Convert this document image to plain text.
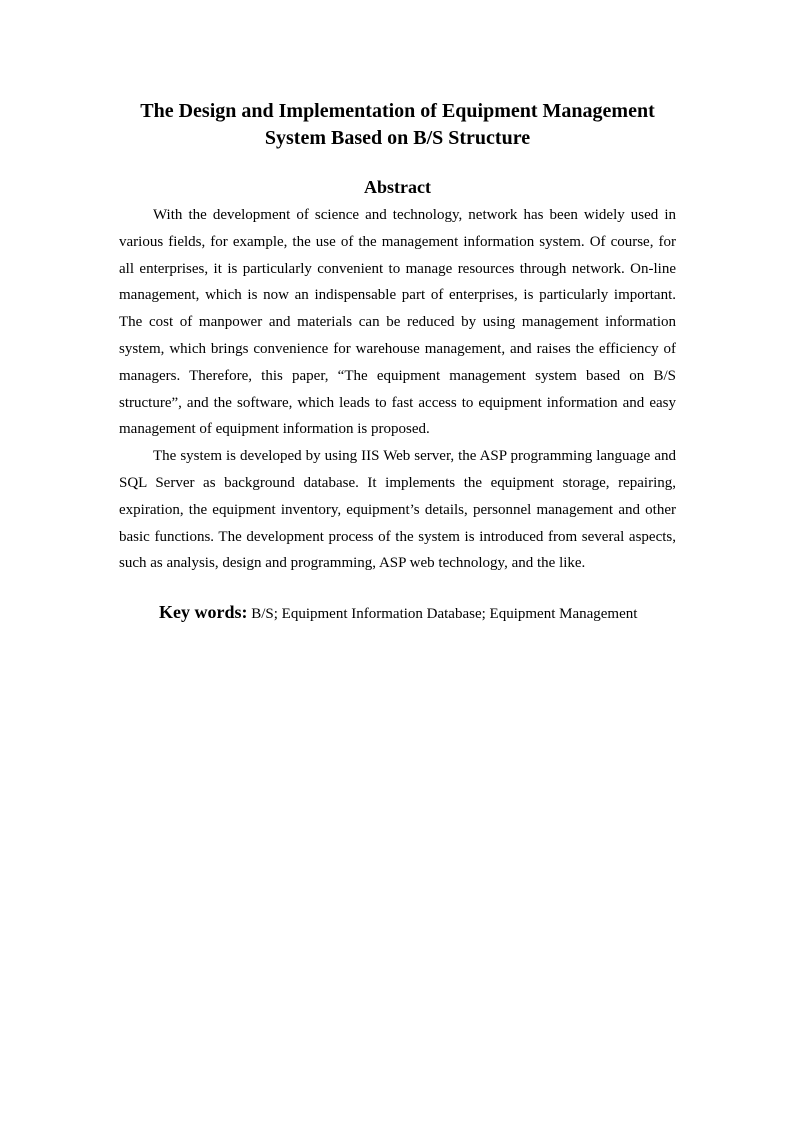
The Design and Implementation of Equipment Management
System Based on B/S Structure
Abstract

With the development of science and technology, network has been widely used in various fields, for example, the use of the management information system. Of course, for all enterprises, it is particularly convenient to manage resources through network. On-line management, which is now an indispensable part of enterprises, is particularly important. The cost of manpower and materials can be reduced by using management information system, which brings convenience for warehouse management, and raises the efficiency of managers. Therefore, this paper, “The equipment management system based on B/S structure”, and the software, which leads to fast access to equipment information and easy management of equipment information is proposed.

The system is developed by using IIS Web server, the ASP programming language and SQL Server as background database. It implements the equipment storage, repairing, expiration, the equipment inventory, equipment’s details, personnel management and other basic functions. The development process of the system is introduced from several aspects, such as analysis, design and programming, ASP web technology, and the like.

Key words: B/S; Equipment Information Database; Equipment Management
